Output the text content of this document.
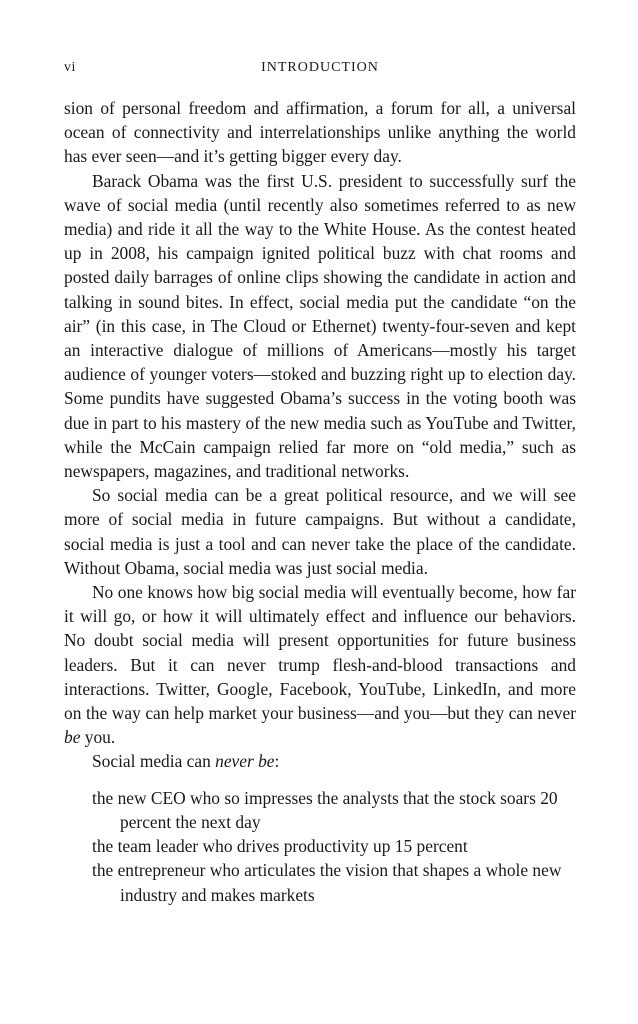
vi	INTRODUCTION

sion of personal freedom and affirmation, a forum for all, a universal ocean of connectivity and interrelationships unlike anything the world has ever seen—and it’s getting bigger every day.

Barack Obama was the first U.S. president to successfully surf the wave of social media (until recently also sometimes referred to as new media) and ride it all the way to the White House. As the contest heated up in 2008, his campaign ignited political buzz with chat rooms and posted daily barrages of online clips showing the candidate in action and talking in sound bites. In effect, social media put the candidate “on the air” (in this case, in The Cloud or Ethernet) twenty-four-seven and kept an interactive dialogue of millions of Americans—mostly his target audience of younger voters—stoked and buzzing right up to election day. Some pundits have suggested Obama’s success in the voting booth was due in part to his mastery of the new media such as YouTube and Twitter, while the McCain campaign relied far more on “old media,” such as newspapers, magazines, and traditional networks.

So social media can be a great political resource, and we will see more of social media in future campaigns. But without a candidate, social media is just a tool and can never take the place of the candidate. Without Obama, social media was just social media.

No one knows how big social media will eventually become, how far it will go, or how it will ultimately effect and influence our behaviors. No doubt social media will present opportunities for future business leaders. But it can never trump flesh-and-blood transactions and interactions. Twitter, Google, Facebook, YouTube, LinkedIn, and more on the way can help market your business—and you—but they can never be you.

Social media can never be:

the new CEO who so impresses the analysts that the stock soars 20 percent the next day
the team leader who drives productivity up 15 percent
the entrepreneur who articulates the vision that shapes a whole new industry and makes markets
